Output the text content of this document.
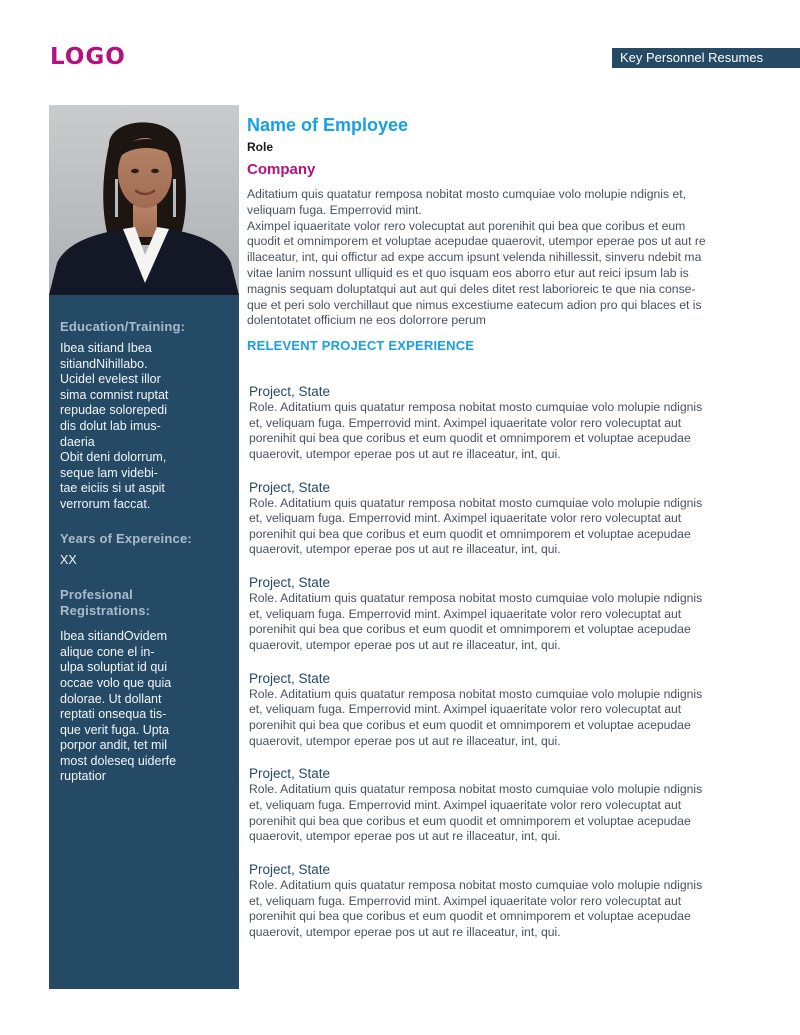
LOGO	Key Personnel Resumes
Education/Training:
Ibea sitiand Ibea
sitiandNihillabo.
Ucidel evelest illor
sima comnist ruptat
repudae solorepedi
dis dolut lab imus-
daeria
Obit deni dolorrum,
seque lam videbi-
tae eiciis si ut aspit
verrorum faccat.
Years of Expereince:
XX
Profesional
Registrations:
Ibea sitiandOvidem
alique cone el in-
ulpa soluptiat id qui
occae volo que quia
dolorae. Ut dollant
reptati onsequa tis-
que verit fuga. Upta
porpor andit, tet mil
most doleseq uiderfe
ruptatior
Name of Employee
Role
Company
Aditatium quis quatatur remposa nobitat mosto cumquiae volo molupie ndignis et,
veliquam fuga. Emperrovid mint.
Aximpel iquaeritate volor rero volecuptat aut porenihit qui bea que coribus et eum
quodit et omnimporem et voluptae acepudae quaerovit, utempor eperae pos ut aut re
illaceatur, int, qui offictur ad expe accum ipsunt velenda nihillessit, sinveru ndebit ma
vitae lanim nossunt ulliquid es et quo isquam eos aborro etur aut reici ipsum lab is
magnis sequam doluptatqui aut aut qui deles ditet rest laborioreic te que nia conse-
que et peri solo verchillaut que nimus excestiume eatecum adion pro qui blaces et is
dolentotatet officium ne eos dolorrore perum
RELEVENT PROJECT EXPERIENCE
Project, State
Role. Aditatium quis quatatur remposa nobitat mosto cumquiae volo molupie ndignis
et, veliquam fuga. Emperrovid mint. Aximpel iquaeritate volor rero volecuptat aut
porenihit qui bea que coribus et eum quodit et omnimporem et voluptae acepudae
quaerovit, utempor eperae pos ut aut re illaceatur, int, qui.
Project, State
Role. Aditatium quis quatatur remposa nobitat mosto cumquiae volo molupie ndignis
et, veliquam fuga. Emperrovid mint. Aximpel iquaeritate volor rero volecuptat aut
porenihit qui bea que coribus et eum quodit et omnimporem et voluptae acepudae
quaerovit, utempor eperae pos ut aut re illaceatur, int, qui.
Project, State
Role. Aditatium quis quatatur remposa nobitat mosto cumquiae volo molupie ndignis
et, veliquam fuga. Emperrovid mint. Aximpel iquaeritate volor rero volecuptat aut
porenihit qui bea que coribus et eum quodit et omnimporem et voluptae acepudae
quaerovit, utempor eperae pos ut aut re illaceatur, int, qui.
Project, State
Role. Aditatium quis quatatur remposa nobitat mosto cumquiae volo molupie ndignis
et, veliquam fuga. Emperrovid mint. Aximpel iquaeritate volor rero volecuptat aut
porenihit qui bea que coribus et eum quodit et omnimporem et voluptae acepudae
quaerovit, utempor eperae pos ut aut re illaceatur, int, qui.
Project, State
Role. Aditatium quis quatatur remposa nobitat mosto cumquiae volo molupie ndignis
et, veliquam fuga. Emperrovid mint. Aximpel iquaeritate volor rero volecuptat aut
porenihit qui bea que coribus et eum quodit et omnimporem et voluptae acepudae
quaerovit, utempor eperae pos ut aut re illaceatur, int, qui.
Project, State
Role. Aditatium quis quatatur remposa nobitat mosto cumquiae volo molupie ndignis
et, veliquam fuga. Emperrovid mint. Aximpel iquaeritate volor rero volecuptat aut
porenihit qui bea que coribus et eum quodit et omnimporem et voluptae acepudae
quaerovit, utempor eperae pos ut aut re illaceatur, int, qui.
